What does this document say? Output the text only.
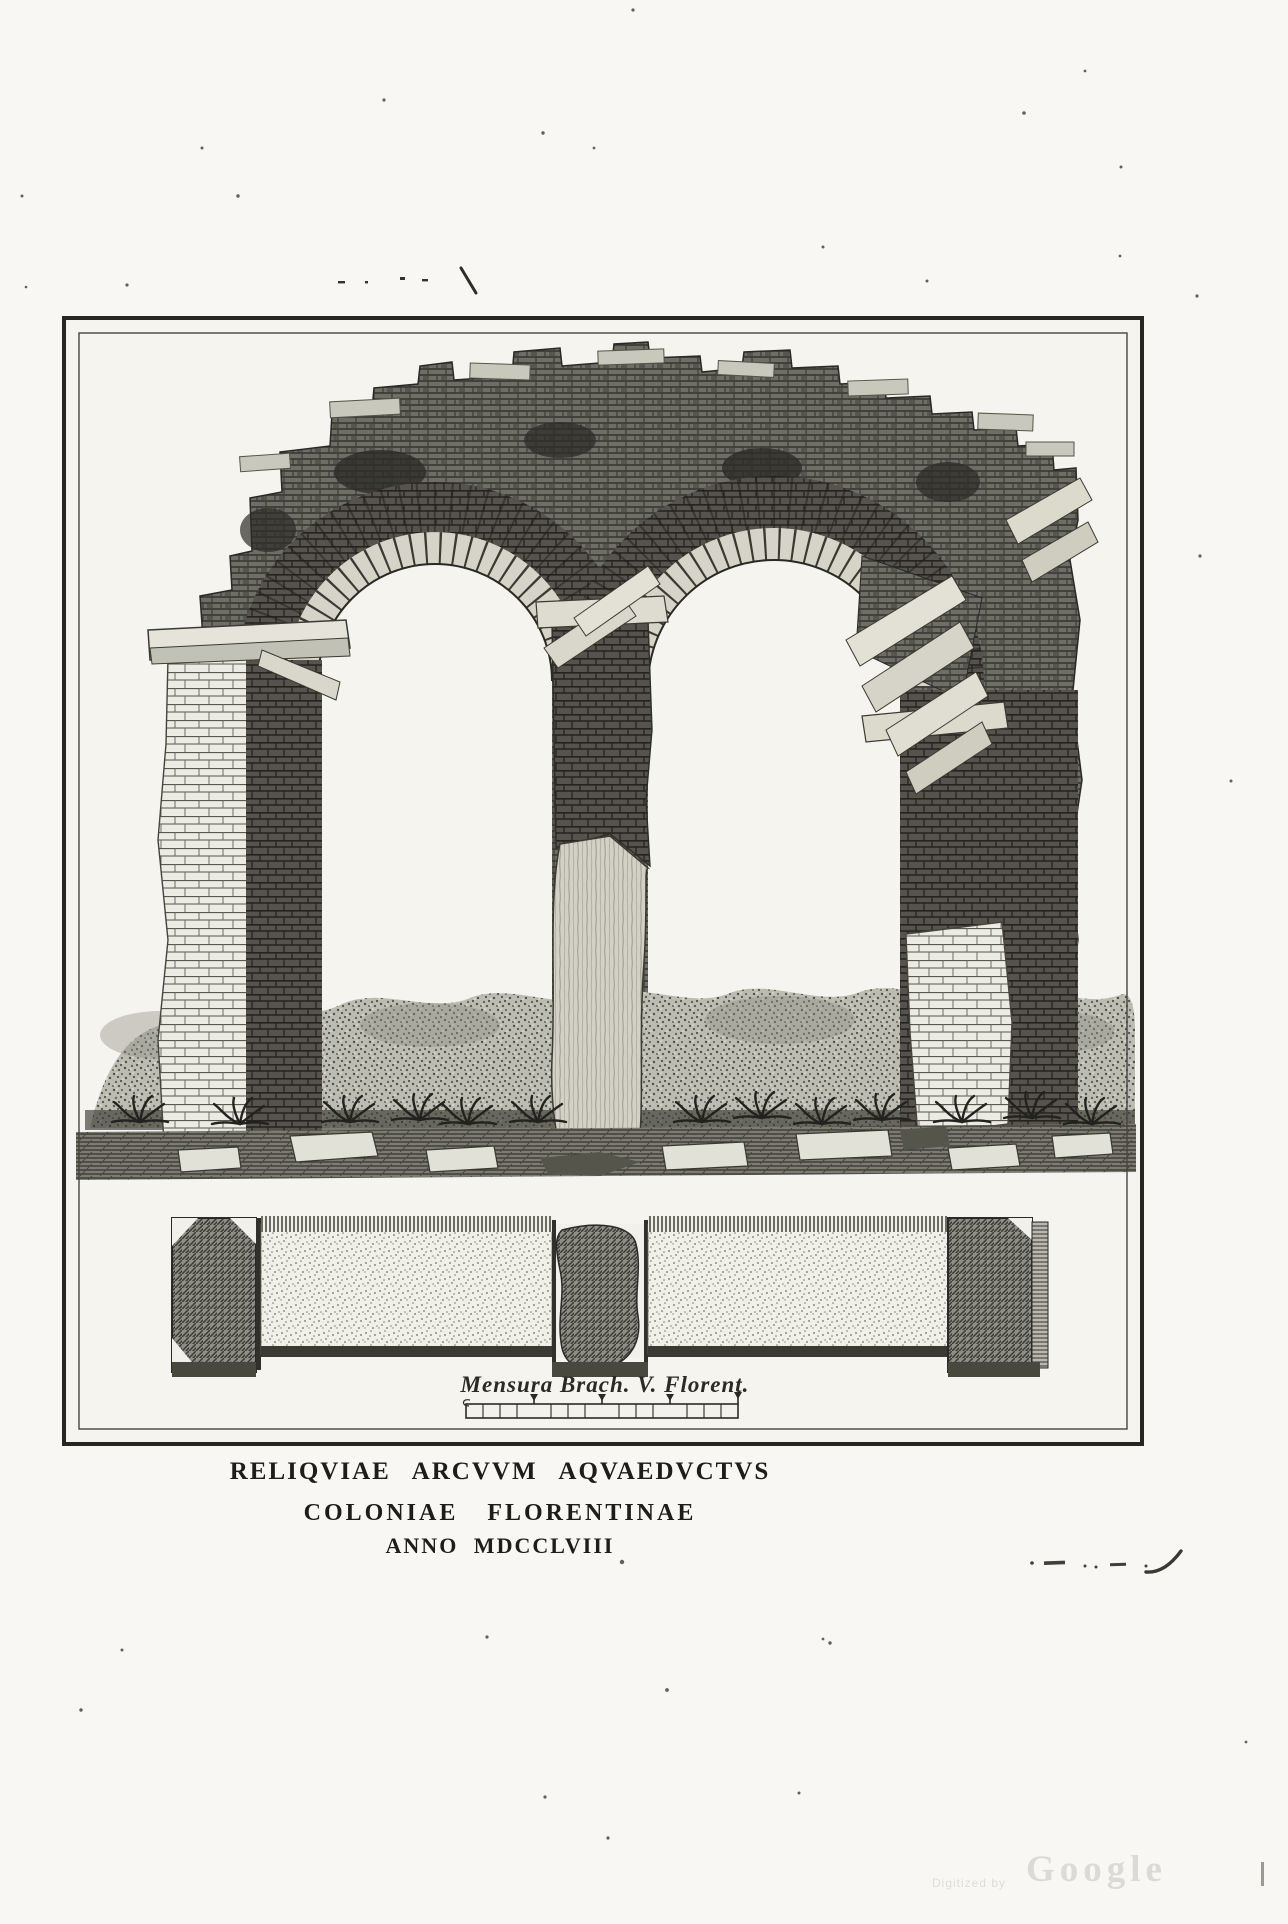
Mensura Brach. V. Florent.
RELIQVIAE ARCVVM AQVAEDVCTVS
COLONIAE FLORENTINAE
ANNO MDCCLVIII
Digitized by Google
